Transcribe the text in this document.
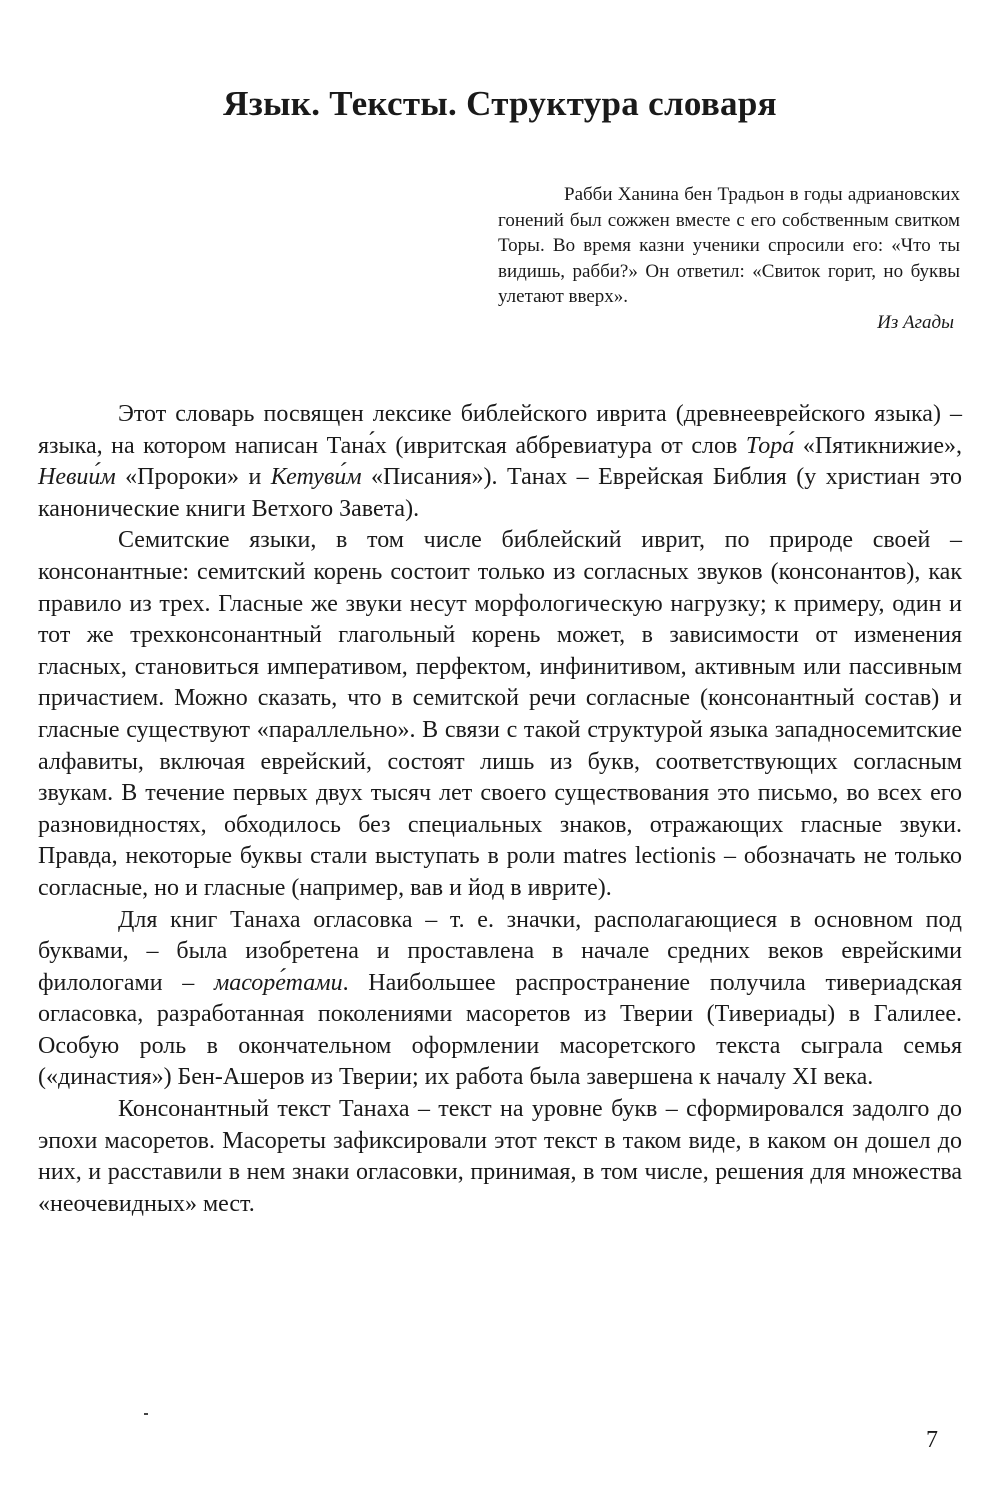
Язык. Тексты. Структура словаря

Рабби Ханина бен Традьон в годы адриановских гонений был сожжен вместе с его собственным свитком Торы. Во время казни ученики спросили его: «Что ты видишь, рабби?» Он ответил: «Свиток горит, но буквы улетают вверх».

Из Агады

Этот словарь посвящен лексике библейского иврита (древнееврейского языка) – языка, на котором написан Тана́х (ивритская аббревиатура от слов Тора́ «Пятикнижие», Невии́м «Пророки» и Кетуви́м «Писания»). Танах – Еврейская Библия (у христиан это канонические книги Ветхого Завета).

Семитские языки, в том числе библейский иврит, по природе своей – консонантные: семитский корень состоит только из согласных звуков (консонантов), как правило из трех. Гласные же звуки несут морфологическую нагрузку; к примеру, один и тот же трехконсонантный глагольный корень может, в зависимости от изменения гласных, становиться императивом, перфектом, инфинитивом, активным или пассивным причастием. Можно сказать, что в семитской речи согласные (консонантный состав) и гласные существуют «параллельно». В связи с такой структурой языка западносемитские алфавиты, включая еврейский, состоят лишь из букв, соответствующих согласным звукам. В течение первых двух тысяч лет своего существования это письмо, во всех его разновидностях, обходилось без специальных знаков, отражающих гласные звуки. Правда, некоторые буквы стали выступать в роли matres lectionis – обозначать не только согласные, но и гласные (например, вав и йод в иврите).

Для книг Танаха огласовка – т. е. значки, располагающиеся в основном под буквами, – была изобретена и проставлена в начале средних веков еврейскими филологами – масоре́тами. Наибольшее распространение получила тивериадская огласовка, разработанная поколениями масоретов из Тверии (Тивериады) в Галилее. Особую роль в окончательном оформлении масоретского текста сыграла семья («династия») Бен-Ашеров из Тверии; их работа была завершена к началу XI века.

Консонантный текст Танаха – текст на уровне букв – сформировался задолго до эпохи масоретов. Масореты зафиксировали этот текст в таком виде, в каком он дошел до них, и расставили в нем знаки огласовки, принимая, в том числе, решения для множества «неочевидных» мест.

7
